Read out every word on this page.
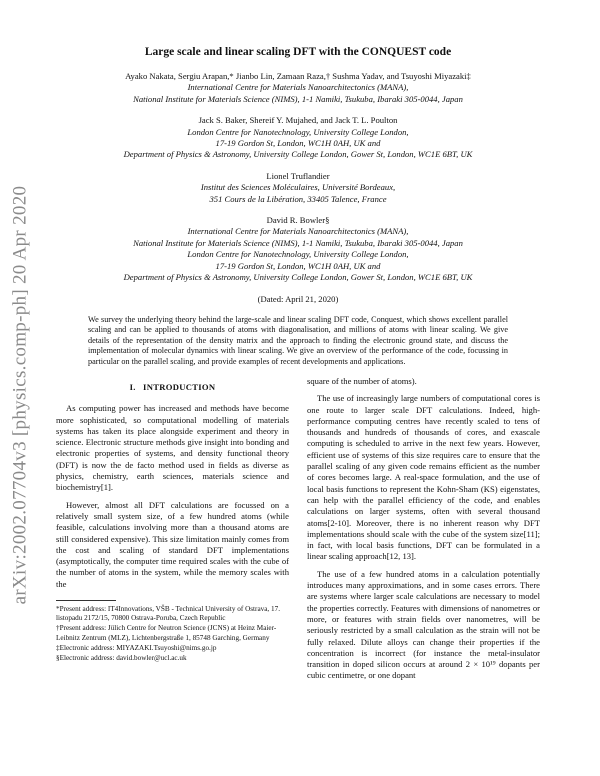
arXiv:2002.07704v3 [physics.comp-ph] 20 Apr 2020
Large scale and linear scaling DFT with the CONQUEST code
Ayako Nakata, Sergiu Arapan,* Jianbo Lin, Zamaan Raza,† Sushma Yadav, and Tsuyoshi Miyazaki‡
International Centre for Materials Nanoarchitectonics (MANA),
National Institute for Materials Science (NIMS), 1-1 Namiki, Tsukuba, Ibaraki 305-0044, Japan
Jack S. Baker, Shereif Y. Mujahed, and Jack T. L. Poulton
London Centre for Nanotechnology, University College London,
17-19 Gordon St, London, WC1H 0AH, UK and
Department of Physics & Astronomy, University College London, Gower St, London, WC1E 6BT, UK
Lionel Truflandier
Institut des Sciences Moléculaires, Université Bordeaux,
351 Cours de la Libération, 33405 Talence, France
David R. Bowler§
International Centre for Materials Nanoarchitectonics (MANA),
National Institute for Materials Science (NIMS), 1-1 Namiki, Tsukuba, Ibaraki 305-0044, Japan
London Centre for Nanotechnology, University College London,
17-19 Gordon St, London, WC1H 0AH, UK and
Department of Physics & Astronomy, University College London, Gower St, London, WC1E 6BT, UK
(Dated: April 21, 2020)
We survey the underlying theory behind the large-scale and linear scaling DFT code, Conquest, which shows excellent parallel scaling and can be applied to thousands of atoms with diagonalisation, and millions of atoms with linear scaling. We give details of the representation of the density matrix and the approach to finding the electronic ground state, and discuss the implementation of molecular dynamics with linear scaling. We give an overview of the performance of the code, focussing in particular on the parallel scaling, and provide examples of recent developments and applications.
I. INTRODUCTION

As computing power has increased and methods have become more sophisticated, so computational modelling of materials systems has taken its place alongside experiment and theory in science. Electronic structure methods give insight into bonding and electronic properties of systems, and density functional theory (DFT) is now the de facto method used in fields as diverse as physics, chemistry, earth sciences, materials science and biochemistry[1].

However, almost all DFT calculations are focussed on a relatively small system size, of a few hundred atoms (while feasible, calculations involving more than a thousand atoms are still considered expensive). This size limitation mainly comes from the cost and scaling of standard DFT implementations (asymptotically, the computer time required scales with the cube of the number of atoms in the system, while the memory scales with the

*Present address: IT4Innovations, VŠB - Technical University of Ostrava, 17. listopadu 2172/15, 70800 Ostrava-Poruba, Czech Republic
†Present address: Jülich Centre for Neutron Science (JCNS) at Heinz Maier-Leibnitz Zentrum (MLZ), Lichtenbergstraße 1, 85748 Garching, Germany
‡Electronic address: MIYAZAKI.Tsuyoshi@nims.go.jp
§Electronic address: david.bowler@ucl.ac.uk

square of the number of atoms).

The use of increasingly large numbers of computational cores is one route to larger scale DFT calculations. Indeed, high-performance computing centres have recently scaled to tens of thousands and hundreds of thousands of cores, and exascale computing is scheduled to arrive in the next few years. However, efficient use of systems of this size requires care to ensure that the parallel scaling of any given code remains efficient as the number of cores becomes large. A real-space formulation, and the use of local basis functions to represent the Kohn-Sham (KS) eigenstates, can help with the parallel efficiency of the code, and enables calculations on larger systems, often with several thousand atoms[2-10]. Moreover, there is no inherent reason why DFT implementations should scale with the cube of the system size[11]; in fact, with local basis functions, DFT can be formulated in a linear scaling approach[12, 13].

The use of a few hundred atoms in a calculation potentially introduces many approximations, and in some cases errors. There are systems where larger scale calculations are necessary to model the properties correctly. Features with dimensions of nanometres or more, or features with strain fields over nanometres, will be seriously restricted by a small calculation as the strain will not be fully relaxed. Dilute alloys can change their properties if the concentration is incorrect (for instance the metal-insulator transition in doped silicon occurs at around 2 × 10¹⁹ dopants per cubic centimetre, or one dopant
